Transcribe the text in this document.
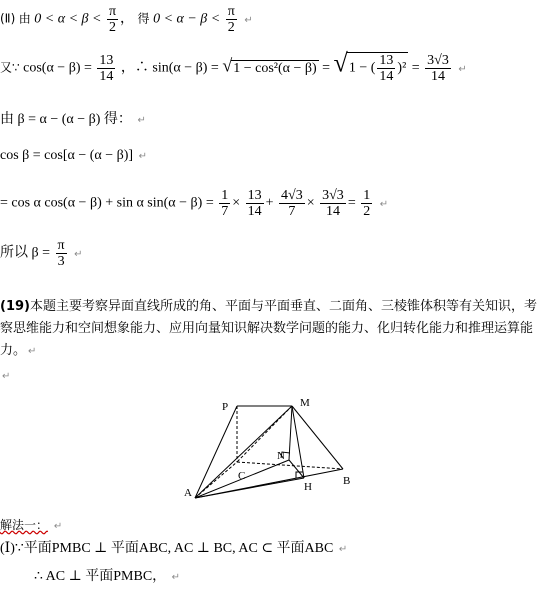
(Ⅱ) 由 $0 < \alpha < \beta < \frac{\pi}{2}$ ， 得 $0 < \alpha - \beta < \frac{\pi}{2}$ ↵
又∵ $\cos(\alpha - \beta) = \frac{13}{14}$ ，∴ sin(α − β) = √1 − cos²(α − β) = √1 − ( $\frac{13}{14} )^2 = \frac{3√3}{14}$ ↵
由 β = α − (α − β) 得： ↵
cos β = cos[α − (α − β)] ↵
= cos α cos(α − β) + sin α $\sin(\alpha - \beta) = \frac{1}{7} \times \frac{13}{14} + \frac{4√3}{7} \times \frac{3√3}{14} = \frac{1}{2}$ ↵
所以 $\beta = \frac{\pi}{3}$ ↵
(19)本题主要考察异面直线所成的角、平面与平面垂直、二面角、三棱锥体积等有关知识，考察思维能力和空间想象能力、应用向量知识解决数学问题的能力、化归转化能力和推理运算能力。 ↵
↵
P	M
N
C
A	H	B
解法一： ↵
(Ⅰ)∵平面PMBC ⊥ 平面ABC, AC ⊥ BC, AC ⊂ 平面ABC ↵
∴ AC ⊥ 平面PMBC， ↵
